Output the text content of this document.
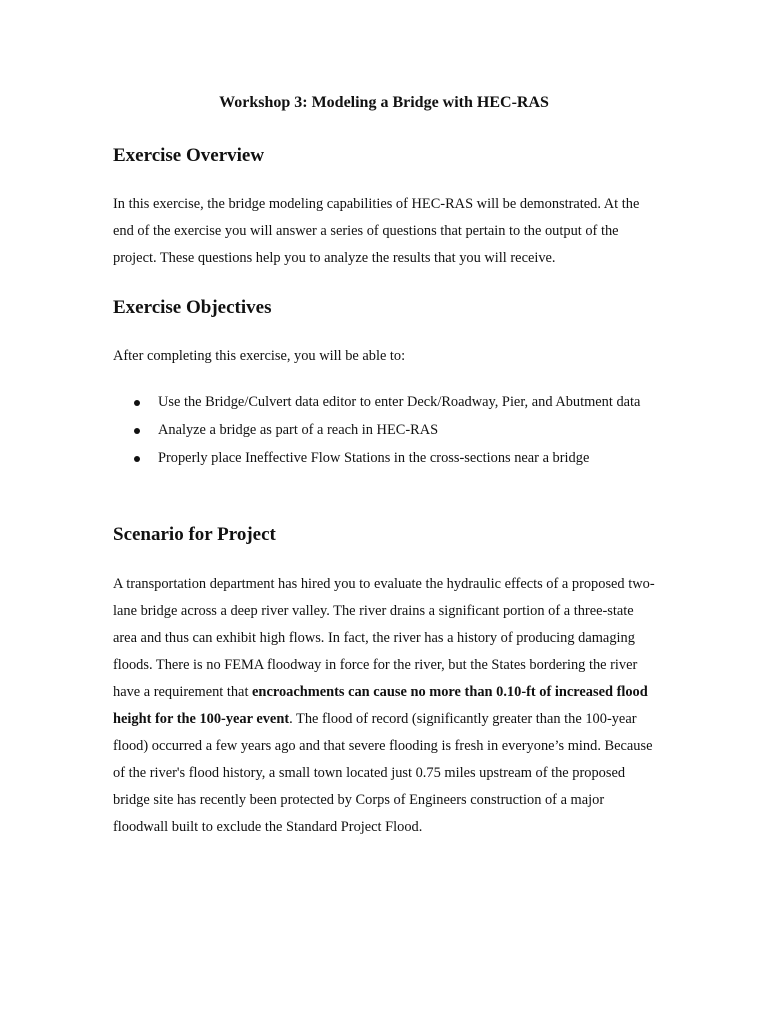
Workshop 3: Modeling a Bridge with HEC-RAS
Exercise Overview

In this exercise, the bridge modeling capabilities of HEC-RAS will be demonstrated. At the end of the exercise you will answer a series of questions that pertain to the output of the project. These questions help you to analyze the results that you will receive.

Exercise Objectives

After completing this exercise, you will be able to:

Use the Bridge/Culvert data editor to enter Deck/Roadway, Pier, and Abutment data
Analyze a bridge as part of a reach in HEC-RAS
Properly place Ineffective Flow Stations in the cross-sections near a bridge
Scenario for Project

A transportation department has hired you to evaluate the hydraulic effects of a proposed two-lane bridge across a deep river valley. The river drains a significant portion of a three-state area and thus can exhibit high flows. In fact, the river has a history of producing damaging floods. There is no FEMA floodway in force for the river, but the States bordering the river have a requirement that encroachments can cause no more than 0.10-ft of increased flood height for the 100-year event. The flood of record (significantly greater than the 100-year flood) occurred a few years ago and that severe flooding is fresh in everyone’s mind. Because of the river's flood history, a small town located just 0.75 miles upstream of the proposed bridge site has recently been protected by Corps of Engineers construction of a major floodwall built to exclude the Standard Project Flood.
